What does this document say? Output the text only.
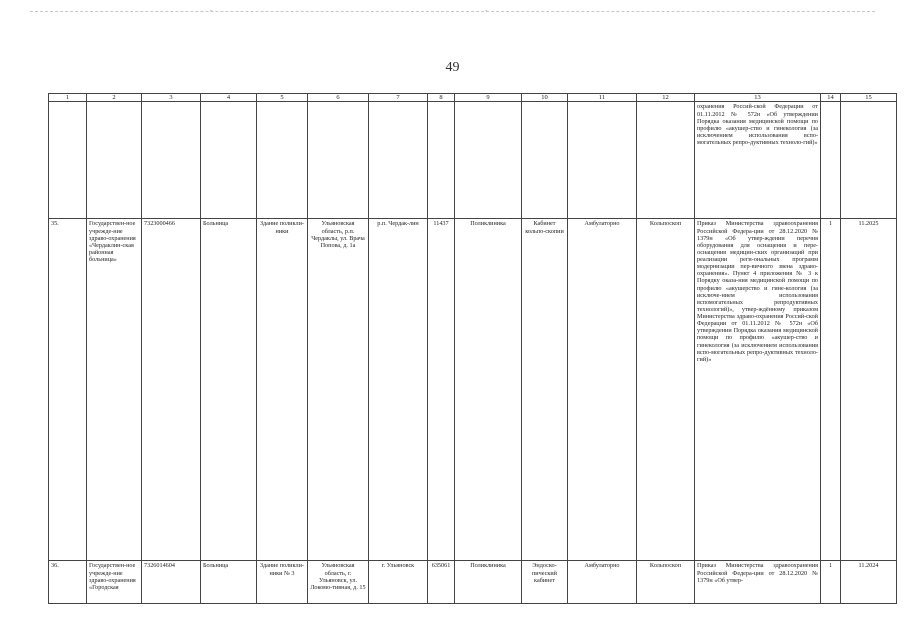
-	-
49
1	2	3	4	5	6	7	8	9	10	11	12	13	14	15

												охранения Россий-ской Федерации от 01.11.2012 № 572н «Об утверждении Порядка оказания медицинской помощи по профилю «акушер-ство и гинекология (за исключением использования вспо-могательных репро-дуктивных техноло-гий)»		

35.	Государствен-ное учрежде-ние здраво-охранения «Чердаклин-ская районная больница»	7323000466	Больница	Здание поликли-ники	Ульяновская область, р.п. Чердаклы, ул. Врача Попова, д. 1а	р.п. Чердак-лин	11437	Поликлиника	Кабинет кольпо-скопии	Амбулаторно	Кольпоскоп	Приказ Министерства здравоохранения Российской Федера-ции от 28.12.2020 № 1379н «Об утвер-ждении перечня оборудования для оснащения и пере-оснащения медицин-ских организаций при реализации реги-ональных программ модернизации пер-вичного звена здраво-охранения». Пункт 4 приложения № 3 к Порядку оказа-ния медицинской помощи по профилю «акушерство и гине-кология (за исключе-нием использования вспомогательных репродуктивных технологий)», утвер-ждённому приказом Министерства здраво-охранения Россий-ской Федерации от 01.11.2012 № 572н «Об утверждении Порядка оказания медицинской помощи по профилю «акушер-ство и гинекология (за исключением использования вспо-могательных репро-дуктивных техноло-гий)»	1	11.2025

36.	Государствен-ное учрежде-ние здраво-охранения «Городская	7326014604	Больница	Здание поликли-ники № 3	Ульяновская область, г. Ульяновск, ул. Локомо-тивная, д. 15	г. Ульяновск	635061	Поликлиника	Эндоско-пический кабинет	Амбулаторно	Кольпоскоп	Приказ Министерства здравоохранения Российской Федера-ции от 28.12.2020 № 1379н «Об утвер-	1	11.2024
